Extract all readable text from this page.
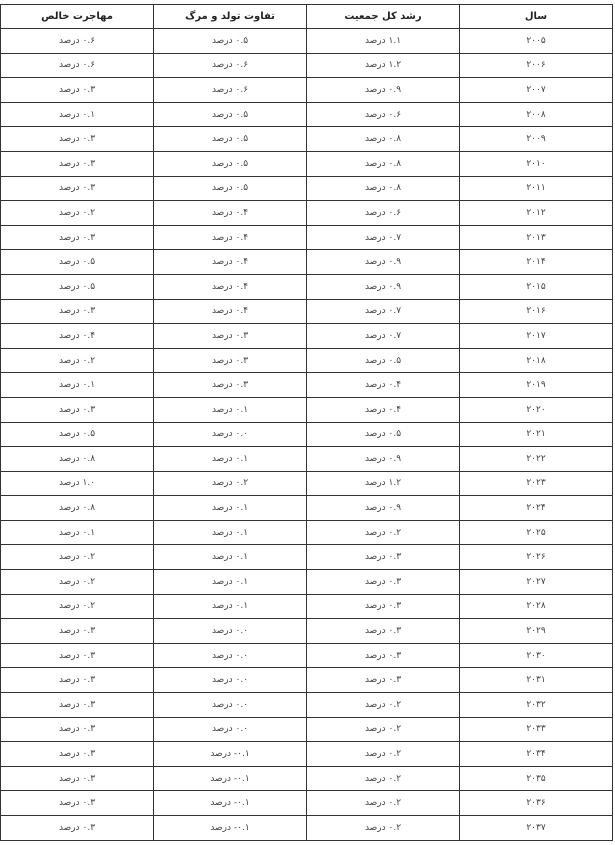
سال	رشد کل جمعیت	تفاوت تولد و مرگ	مهاجرت خالص
۲۰۰۵	۱.۱ درصد	۰.۵ درصد	۰.۶ درصد
۲۰۰۶	۱.۲ درصد	۰.۶ درصد	۰.۶ درصد
۲۰۰۷	۰.۹ درصد	۰.۶ درصد	۰.۳ درصد
۲۰۰۸	۰.۶ درصد	۰.۵ درصد	۰.۱ درصد
۲۰۰۹	۰.۸ درصد	۰.۵ درصد	۰.۳ درصد
۲۰۱۰	۰.۸ درصد	۰.۵ درصد	۰.۳ درصد
۲۰۱۱	۰.۸ درصد	۰.۵ درصد	۰.۳ درصد
۲۰۱۲	۰.۶ درصد	۰.۴ درصد	۰.۲ درصد
۲۰۱۳	۰.۷ درصد	۰.۴ درصد	۰.۳ درصد
۲۰۱۴	۰.۹ درصد	۰.۴ درصد	۰.۵ درصد
۲۰۱۵	۰.۹ درصد	۰.۴ درصد	۰.۵ درصد
۲۰۱۶	۰.۷ درصد	۰.۴ درصد	۰.۳ درصد
۲۰۱۷	۰.۷ درصد	۰.۳ درصد	۰.۴ درصد
۲۰۱۸	۰.۵ درصد	۰.۳ درصد	۰.۲ درصد
۲۰۱۹	۰.۴ درصد	۰.۳ درصد	۰.۱ درصد
۲۰۲۰	۰.۴ درصد	۰.۱ درصد	۰.۳ درصد
۲۰۲۱	۰.۵ درصد	۰.۰ درصد	۰.۵ درصد
۲۰۲۲	۰.۹ درصد	۰.۱ درصد	۰.۸ درصد
۲۰۲۳	۱.۲ درصد	۰.۲ درصد	۱.۰ درصد
۲۰۲۴	۰.۹ درصد	۰.۱ درصد	۰.۸ درصد
۲۰۲۵	۰.۲ درصد	۰.۱ درصد	۰.۱ درصد
۲۰۲۶	۰.۳ درصد	۰.۱ درصد	۰.۲ درصد
۲۰۲۷	۰.۳ درصد	۰.۱ درصد	۰.۲ درصد
۲۰۲۸	۰.۳ درصد	۰.۱ درصد	۰.۲ درصد
۲۰۲۹	۰.۳ درصد	۰.۰ درصد	۰.۳ درصد
۲۰۳۰	۰.۳ درصد	۰.۰ درصد	۰.۳ درصد
۲۰۳۱	۰.۳ درصد	۰.۰ درصد	۰.۳ درصد
۲۰۳۲	۰.۲ درصد	۰.۰ درصد	۰.۳ درصد
۲۰۳۳	۰.۲ درصد	۰.۰ درصد	۰.۳ درصد
۲۰۳۴	۰.۲ درصد	۰.۱- درصد	۰.۳ درصد
۲۰۳۵	۰.۲ درصد	۰.۱- درصد	۰.۳ درصد
۲۰۳۶	۰.۲ درصد	۰.۱- درصد	۰.۳ درصد
۲۰۳۷	۰.۲ درصد	۰.۱- درصد	۰.۳ درصد
